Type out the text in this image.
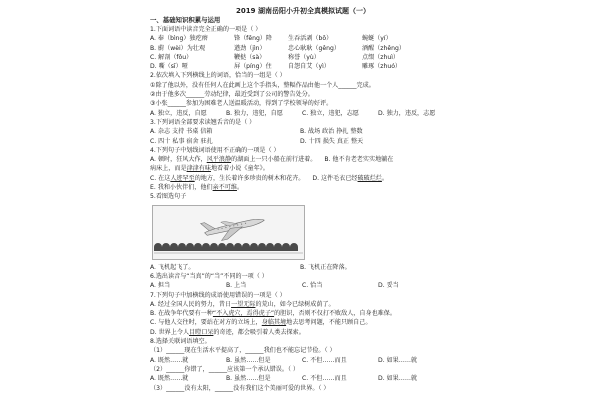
2019 湖南岳阳小升初全真模拟试题（一）
一、基础知识积累与运用
1.下面词语中读音完全正确的一项是（ ）
A. 奉（bìng）独疙瘩	锋（fēng）降	生吞活剥（bō）	蜿蜒（yí）
B. 蔚（wèi）为壮观	遒劲（jìn）	忠心耿耿（gěng）	酒醒（zhěng）
C. 解剖（fǒu）	鞭挞（sà）	称誉（yù）	点缀（zhuì）
D. 嘶（sī）哑	屏（píng）住	自怨自艾（yì）	雕琢（zhuó）
2.依次填入下列横线上的词语，恰当的一组是（ ）
①除了他以外，没有任何人在此画上这个手指头，整幅作品由他一个人______完成。
②由于他多次______劳动纪律，最近受到了公司的警告处分。
③小张______参加为困难老人送温暖活动，得到了学校领导的好评。
A. 独立，违反，自愿	B. 独力，违犯，自愿	C. 独立，违犯，志愿	D. 独力，违反，志愿
3.下列词语全部要求读翘舌音的是（ ）
A. 杂志 支持 书桌 信箱	B. 战场 政治 挣扎 整数
C. 四十 私事 宿舍 驻扎	D. 十四 损失 真正 整天
4.下列句子中划线词语使用不正确的一项是（ ）
A. 顿时，狂风大作，风平浪静的湖面上一只小船在前行进着。 B. 他不肯老老实实地躺在
病床上，而是津津有味地看着小说《童年》。
C. 在这人迹罕至的地方，生长着许多珍贵的树木和花卉。 D. 这件毛衣已经破破烂烂。
E. 我和小伙伴们，他们亲不可维。
5.看图选句子
A. 飞机起飞了。	B. 飞机正在降落。
6.选出读音与“当真”的“当”不同的一项（ ）
A. 担当	B. 上当	C. 恰当	D. 妥当
7.下列句子中加横线的成语使用错误的一项是（ ）
A. 经过全国人民的努力，昔日一望无际的荒山，如今已绿树成荫了。
B. 在战争年代要有一种“不入虎穴，焉得虎子”的胆识，否则不仅打不败敌人，自身也难保。
C. 与他人交往时，要站在对方的立场上，身临其境地去思考问题，不能只顾自己。
D. 世界上令人目瞪口呆的奇迹，都会吸引着人类去探索。
8.选择关联词语填空。
（1）______现在生活水平提高了，______我们也不能忘记节俭。（ ）
A. 既然……就	B. 虽然……但是	C. 不但……而且	D. 如果……就
（2）______你错了，______应该第一个承认错误。（ ）
A. 既然……就	B. 虽然……但是	C. 不但……而且	D. 如果……就
（3）______没有太阳，______没有我们这个美丽可爱的世界。（ ）
